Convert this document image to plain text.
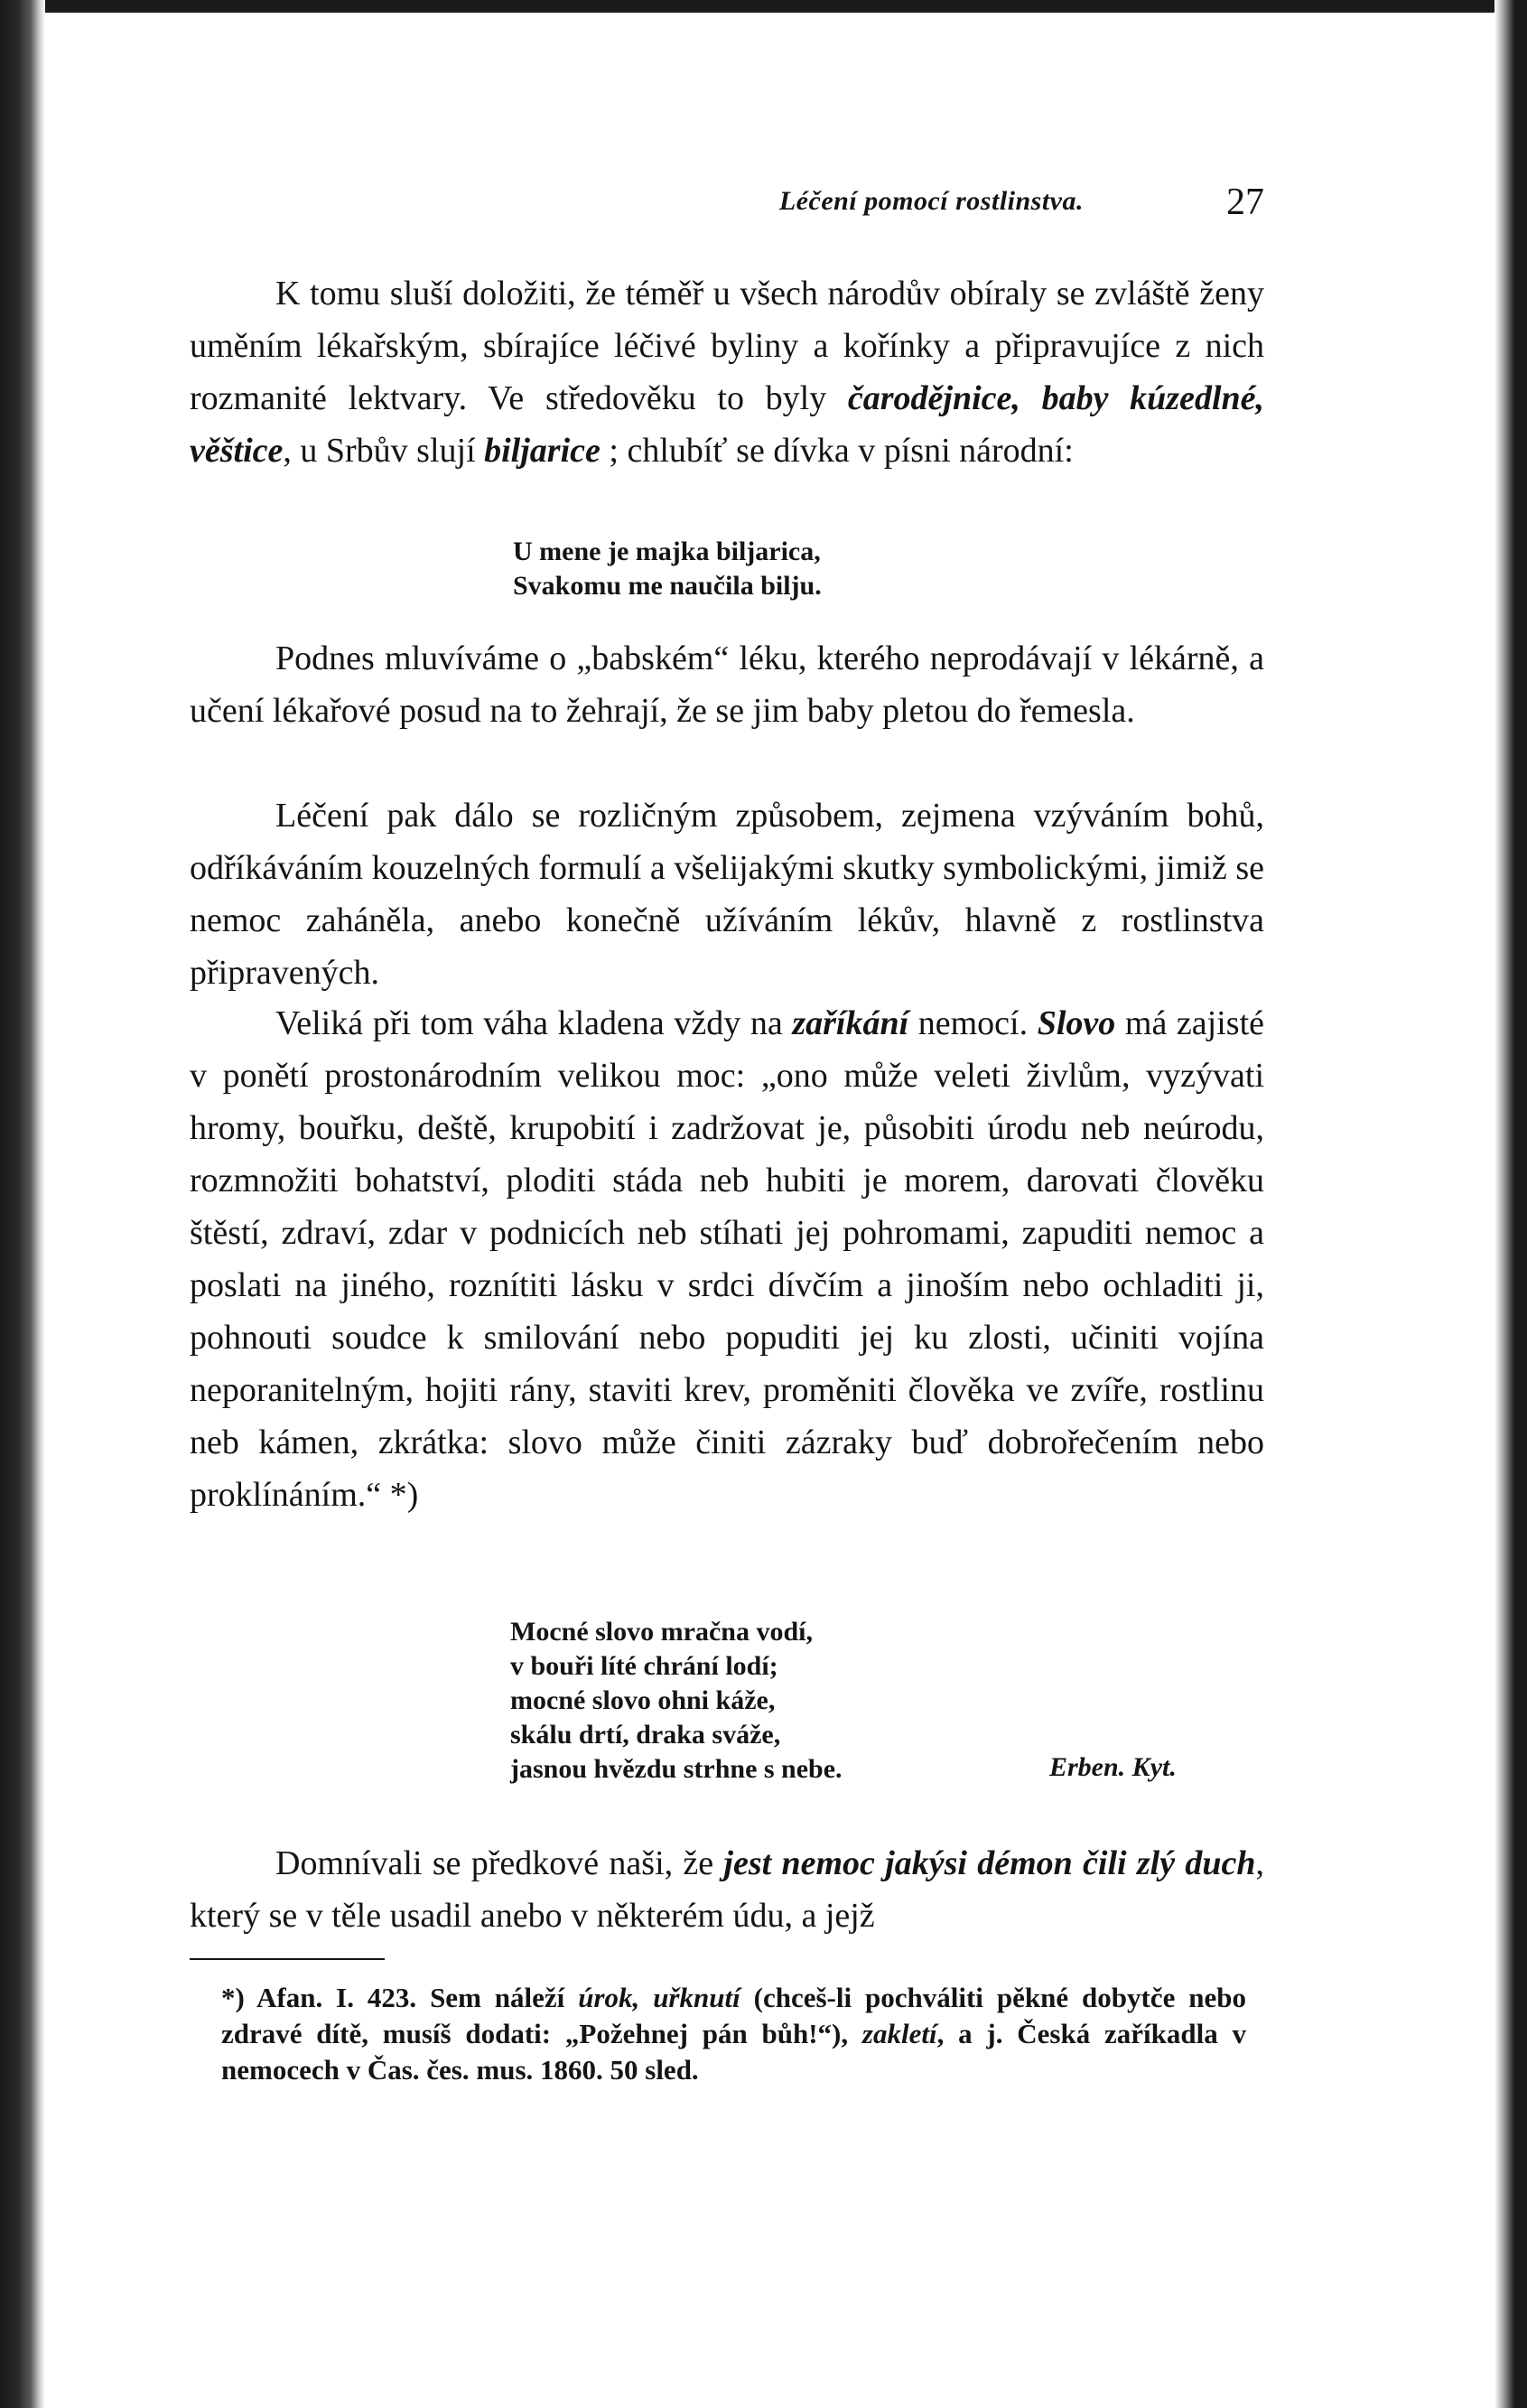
Léčení pomocí rostlinstva.	27

K tomu sluší doložiti, že téměř u všech národův obíraly se zvláště ženy uměním lékařským, sbírajíce léčivé byliny a kořínky a připravujíce z nich rozmanité lektvary. Ve středověku to byly čarodějnice, baby kúzedlné, věštice, u Srbův slují biljarice ; chlubíť se dívka v písni národní:

U mene je majka biljarica,
Svakomu me naučila bilju.

Podnes mluvíváme o „babském“ léku, kterého neprodávají v lékárně, a učení lékařové posud na to žehrají, že se jim baby pletou do řemesla.

Léčení pak dálo se rozličným způsobem, zejmena vzýváním bohů, odříkáváním kouzelných formulí a všelijakými skutky symbolickými, jimiž se nemoc zaháněla, anebo konečně užíváním lékův, hlavně z rostlinstva připravených.

Veliká při tom váha kladena vždy na zaříkání nemocí. Slovo má zajisté v ponětí prostonárodním velikou moc: „ono může veleti živlům, vyzývati hromy, bouřku, deště, krupobití i zadržovat je, působiti úrodu neb neúrodu, rozmnožiti bohatství, ploditi stáda neb hubiti je morem, darovati člověku štěstí, zdraví, zdar v podnicích neb stíhati jej pohromami, zapuditi nemoc a poslati na jiného, roznítiti lásku v srdci dívčím a jinoším nebo ochladiti ji, pohnouti soudce k smilování nebo popuditi jej ku zlosti, učiniti vojína neporanitelným, hojiti rány, staviti krev, proměniti člověka ve zvíře, rostlinu neb kámen, zkrátka: slovo může činiti zázraky buď dobrořečením nebo proklínáním.“ *)

Mocné slovo mračna vodí,
v bouři líté chrání lodí;
mocné slovo ohni káže,
skálu drtí, draka sváže,
jasnou hvězdu strhne s nebe.	Erben. Kyt.

Domnívali se předkové naši, že jest nemoc jakýsi démon čili zlý duch, který se v těle usadil anebo v některém údu, a jejž

*) Afan. I. 423. Sem náleží úrok, uřknutí (chceš-li pochváliti pěkné dobytče nebo zdravé dítě, musíš dodati: „Požehnej pán bůh!“), zakletí, a j. Česká zaříkadla v nemocech v Čas. čes. mus. 1860. 50 sled.
